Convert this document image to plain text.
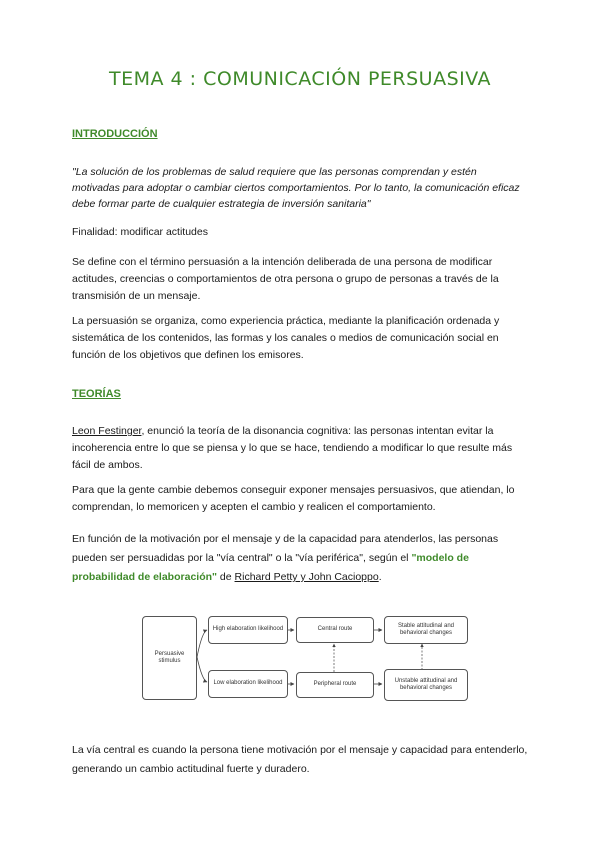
TEMA 4 : COMUNICACIÓN PERSUASIVA
INTRODUCCIÓN
"La solución de los problemas de salud requiere que las personas comprendan y estén motivadas para adoptar o cambiar ciertos comportamientos. Por lo tanto, la comunicación eficaz debe formar parte de cualquier estrategia de inversión sanitaria"
Finalidad: modificar actitudes
Se define con el término persuasión a la intención deliberada de una persona de modificar actitudes, creencias o comportamientos de otra persona o grupo de personas a través de la transmisión de un mensaje.
La persuasión se organiza, como experiencia práctica, mediante la planificación ordenada y sistemática de los contenidos, las formas y los canales o medios de comunicación social en función de los objetivos que definen los emisores.
TEORÍAS
Leon Festinger, enunció la teoría de la disonancia cognitiva: las personas intentan evitar la incoherencia entre lo que se piensa y lo que se hace, tendiendo a modificar lo que resulte más fácil de ambos.
Para que la gente cambie debemos conseguir exponer mensajes persuasivos, que atiendan, lo comprendan, lo memoricen y acepten el cambio y realicen el comportamiento.
En función de la motivación por el mensaje y de la capacidad para atenderlos, las personas pueden ser persuadidas por la "vía central" o la "vía periférica", según el "modelo de probabilidad de elaboración" de Richard Petty y John Cacioppo.
Persuasive stimulus
High elaboration likelihood
Low elaboration likelihood
Central route
Peripheral route
Stable attitudinal and behavioral changes
Unstable attitudinal and behavioral changes
La vía central es cuando la persona tiene motivación por el mensaje y capacidad para entenderlo, generando un cambio actitudinal fuerte y duradero.
